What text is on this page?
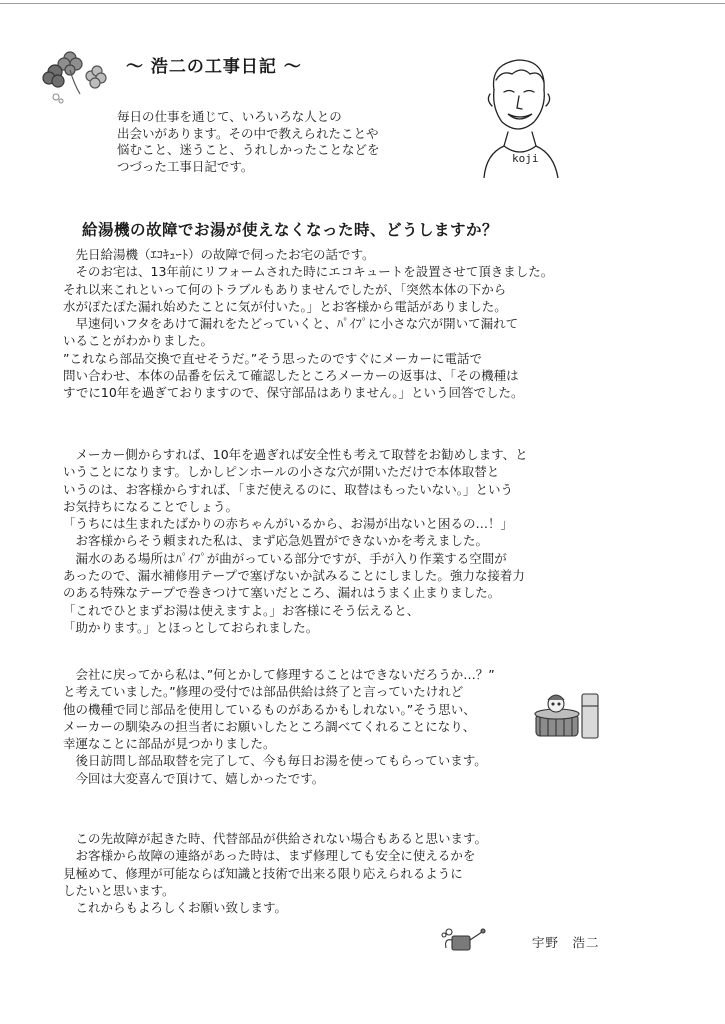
～ 浩二の工事日記 ～
毎日の仕事を通じて、いろいろな人との
出会いがあります。その中で教えられたことや
悩むこと、迷うこと、うれしかったことなどを
つづった工事日記です。	koji
給湯機の故障でお湯が使えなくなった時、どうしますか？
　先日給湯機（ｴｺｷｭｰﾄ）の故障で伺ったお宅の話です。
　そのお宅は、13年前にリフォームされた時にエコキュートを設置させて頂きました。
それ以来これといって何のトラブルもありませんでしたが、「突然本体の下から
水がぽたぽた漏れ始めたことに気が付いた。」とお客様から電話がありました。
　早速伺いフタをあけて漏れをたどっていくと、ﾊﾟｲﾌﾟに小さな穴が開いて漏れて
いることがわかりました。
”これなら部品交換で直せそうだ。”そう思ったのですぐにメーカーに電話で
問い合わせ、本体の品番を伝えて確認したところメーカーの返事は、「その機種は
すでに10年を過ぎておりますので、保守部品はありません。」という回答でした。
　メーカー側からすれば、10年を過ぎれば安全性も考えて取替をお勧めします、と
いうことになります。しかしピンホールの小さな穴が開いただけで本体取替と
いうのは、お客様からすれば、「まだ使えるのに、取替はもったいない。」という
お気持ちになることでしょう。
「うちには生まれたばかりの赤ちゃんがいるから、お湯が出ないと困るの…！」
　お客様からそう頼まれた私は、まず応急処置ができないかを考えました。
　漏水のある場所はﾊﾟｲﾌﾟが曲がっている部分ですが、手が入り作業する空間が
あったので、漏水補修用テープで塞げないか試みることにしました。強力な接着力
のある特殊なテープで巻きつけて塞いだところ、漏れはうまく止まりました。
「これでひとまずお湯は使えますよ。」お客様にそう伝えると、
「助かります。」とほっとしておられました。
　会社に戻ってから私は、”何とかして修理することはできないだろうか…？”
と考えていました。”修理の受付では部品供給は終了と言っていたけれど
他の機種で同じ部品を使用しているものがあるかもしれない。”そう思い、
メーカーの馴染みの担当者にお願いしたところ調べてくれることになり、
幸運なことに部品が見つかりました。
　後日訪問し部品取替を完了して、今も毎日お湯を使ってもらっています。
　今回は大変喜んで頂けて、嬉しかったです。
　この先故障が起きた時、代替部品が供給されない場合もあると思います。
　お客様から故障の連絡があった時は、まず修理しても安全に使えるかを
見極めて、修理が可能ならば知識と技術で出来る限り応えられるように
したいと思います。
　これからもよろしくお願い致します。
宇野　浩二
